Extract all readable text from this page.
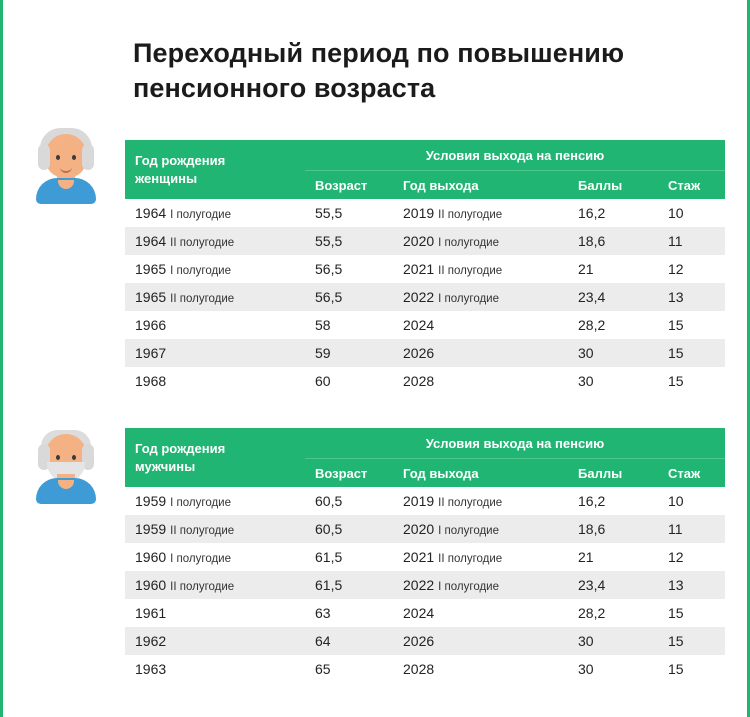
Переходный период по повышению пенсионного возраста
Год рождения
женщины	Условия выхода на пенсию			
	Возраст	Год выхода	Баллы	Стаж
1964 I полугодие	55,5	2019 II полугодие	16,2	10
1964 II полугодие	55,5	2020 I полугодие	18,6	11
1965 I полугодие	56,5	2021 II полугодие	21	12
1965 II полугодие	56,5	2022 I полугодие	23,4	13
1966	58	2024	28,2	15
1967	59	2026	30	15
1968	60	2028	30	15
Год рождения
мужчины	Условия выхода на пенсию			
	Возраст	Год выхода	Баллы	Стаж
1959 I полугодие	60,5	2019 II полугодие	16,2	10
1959 II полугодие	60,5	2020 I полугодие	18,6	11
1960 I полугодие	61,5	2021 II полугодие	21	12
1960 II полугодие	61,5	2022 I полугодие	23,4	13
1961	63	2024	28,2	15
1962	64	2026	30	15
1963	65	2028	30	15
